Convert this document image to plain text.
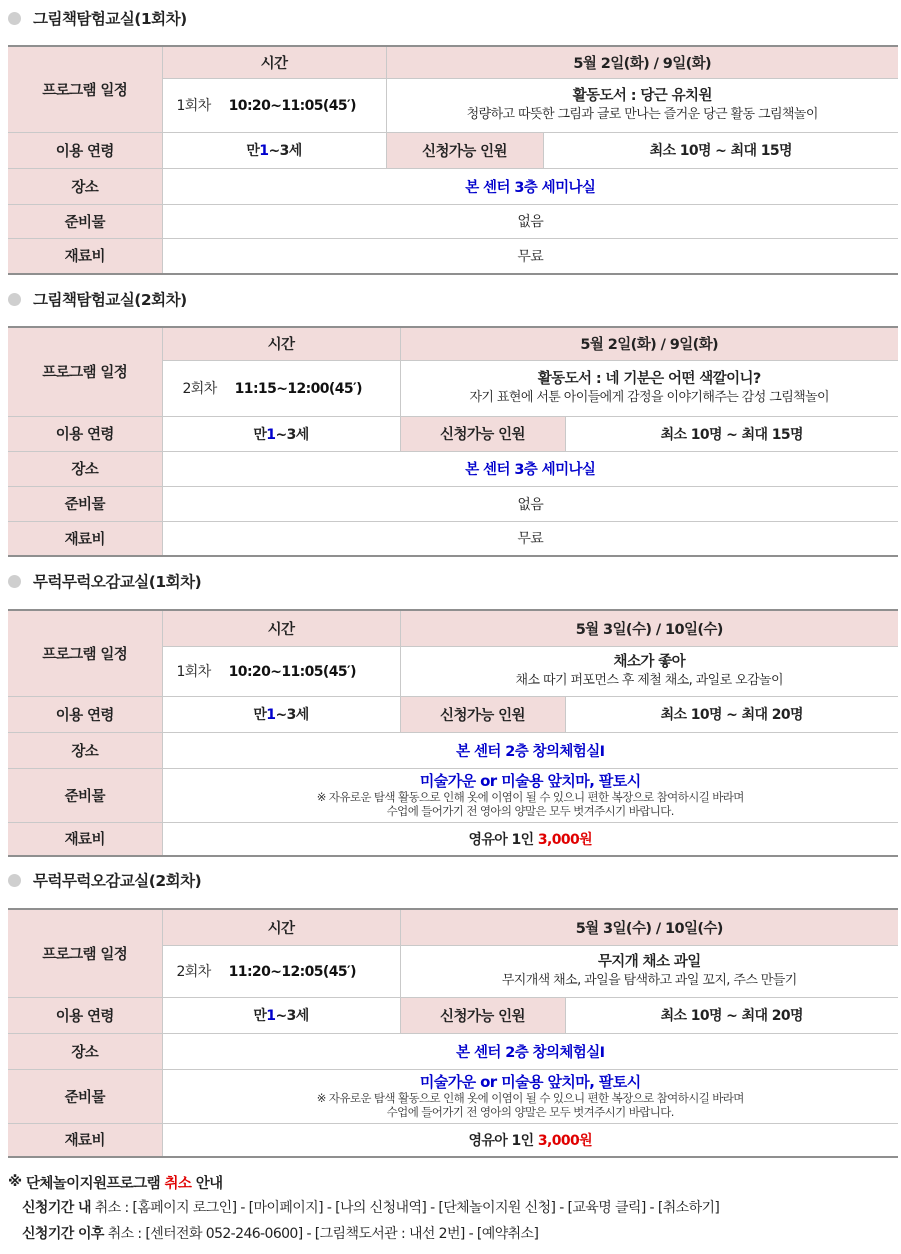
그림책탐험교실(1회차)
프로그램 일정	시간	5월 2일(화) / 9일(화)	
	1회차 10:20~11:05(45′)	활동도서 : 당근 유치원
청량하고 따뜻한 그림과 글로 만나는 즐거운 당근 활동 그림책놀이	

이용 연령	만1~3세	신청가능 인원	최소 10명 ~ 최대 15명
장소	본 센터 3층 세미나실		
준비물	없음		
재료비	무료		
그림책탐험교실(2회차)
프로그램 일정	시간	5월 2일(화) / 9일(화)	
	2회차 11:15~12:00(45′)	활동도서 : 네 기분은 어떤 색깔이니?
자기 표현에 서툰 아이들에게 감정을 이야기해주는 감성 그림책놀이	

이용 연령	만1~3세	신청가능 인원	최소 10명 ~ 최대 15명
장소	본 센터 3층 세미나실		
준비물	없음		
재료비	무료		
무럭무럭오감교실(1회차)
프로그램 일정	시간	5월 3일(수) / 10일(수)	
	1회차 10:20~11:05(45′)	채소가 좋아
채소 따기 퍼포먼스 후 제철 채소, 과일로 오감놀이	

이용 연령	만1~3세	신청가능 인원	최소 10명 ~ 최대 20명
장소	본 센터 2층 창의체험실Ⅰ		
준비물	미술가운 or 미술용 앞치마, 팔토시
※ 자유로운 탐색 활동으로 인해 옷에 이염이 될 수 있으니 편한 복장으로 참여하시길 바라며
수업에 들어가기 전 영아의 양말은 모두 벗겨주시기 바랍니다.		

재료비	영유아 1인 3,000원		
무럭무럭오감교실(2회차)
프로그램 일정	시간	5월 3일(수) / 10일(수)	
	2회차 11:20~12:05(45′)	무지개 채소 과일
무지개색 채소, 과일을 탐색하고 과일 꼬지, 주스 만들기	

이용 연령	만1~3세	신청가능 인원	최소 10명 ~ 최대 20명
장소	본 센터 2층 창의체험실Ⅰ		
준비물	미술가운 or 미술용 앞치마, 팔토시
※ 자유로운 탐색 활동으로 인해 옷에 이염이 될 수 있으니 편한 복장으로 참여하시길 바라며
수업에 들어가기 전 영아의 양말은 모두 벗겨주시기 바랍니다.		

재료비	영유아 1인 3,000원		
※
단체놀이지원프로그램
취소
안내
신청기간 내
취소 : [홈페이지 로그인] - [마이페이지] - [나의 신청내역] - [단체놀이지원 신청] - [교육명 클릭] - [취소하기]
신청기간 이후
취소 : [센터전화 052-246-0600] - [그림책도서관 : 내선 2번] - [예약취소]
